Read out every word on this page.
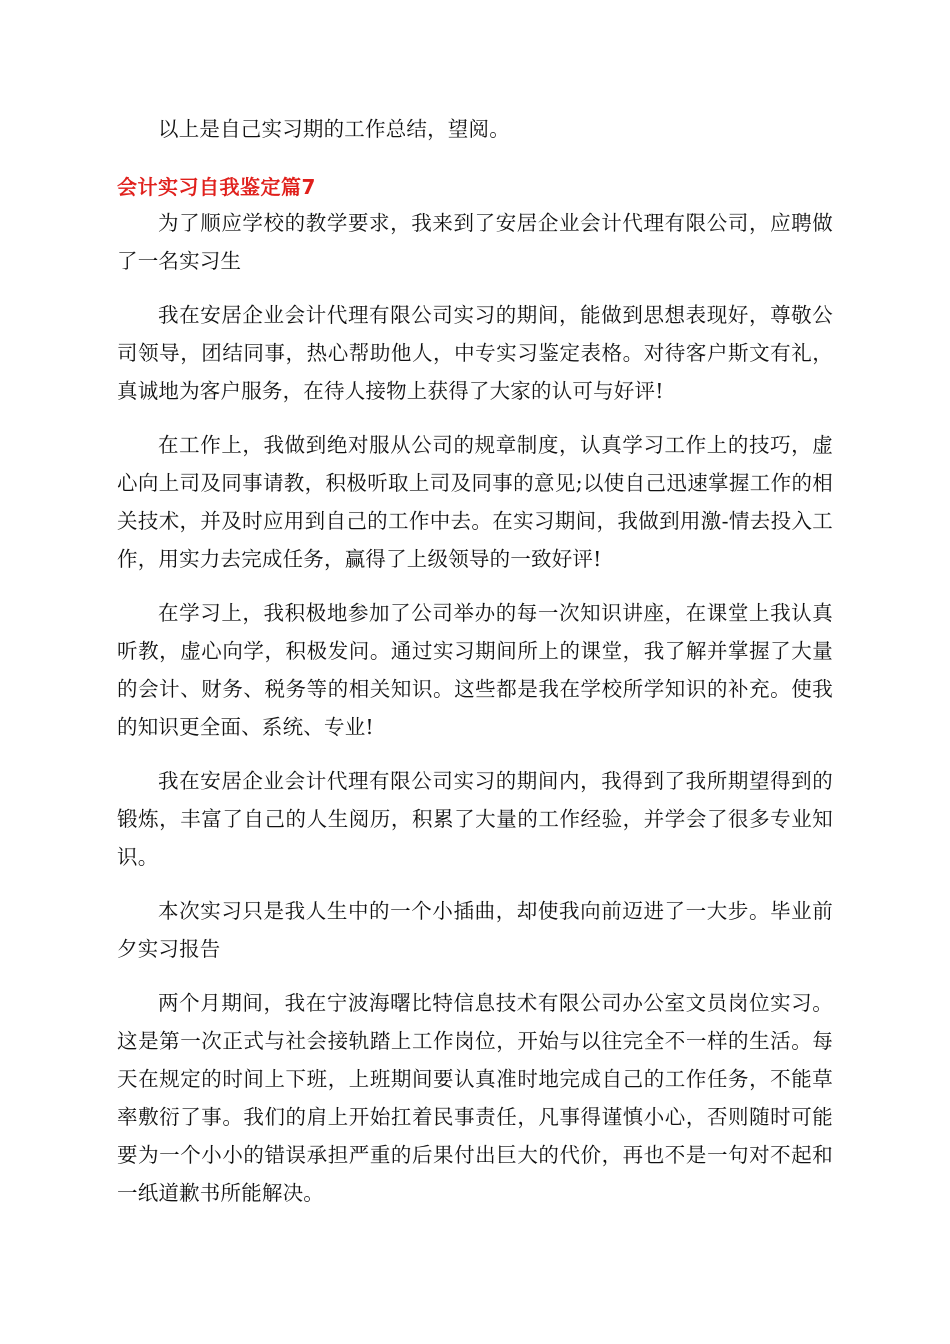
以上是自己实习期的工作总结，望阅。

会计实习自我鉴定篇7

为了顺应学校的教学要求，我来到了安居企业会计代理有限公司，应聘做了一名实习生

我在安居企业会计代理有限公司实习的期间，能做到思想表现好，尊敬公司领导，团结同事，热心帮助他人，中专实习鉴定表格。对待客户斯文有礼，真诚地为客户服务，在待人接物上获得了大家的认可与好评!

在工作上，我做到绝对服从公司的规章制度，认真学习工作上的技巧，虚心向上司及同事请教，积极听取上司及同事的意见;以使自己迅速掌握工作的相关技术，并及时应用到自己的工作中去。在实习期间，我做到用激-情去投入工作，用实力去完成任务，赢得了上级领导的一致好评!

在学习上，我积极地参加了公司举办的每一次知识讲座，在课堂上我认真听教，虚心向学，积极发问。通过实习期间所上的课堂，我了解并掌握了大量的会计、财务、税务等的相关知识。这些都是我在学校所学知识的补充。使我的知识更全面、系统、专业!

我在安居企业会计代理有限公司实习的期间内，我得到了我所期望得到的锻炼，丰富了自己的人生阅历，积累了大量的工作经验，并学会了很多专业知识。

本次实习只是我人生中的一个小插曲，却使我向前迈进了一大步。毕业前夕实习报告

两个月期间，我在宁波海曙比特信息技术有限公司办公室文员岗位实习。这是第一次正式与社会接轨踏上工作岗位，开始与以往完全不一样的生活。每天在规定的时间上下班，上班期间要认真准时地完成自己的工作任务，不能草率敷衍了事。我们的肩上开始扛着民事责任，凡事得谨慎小心，否则随时可能要为一个小小的错误承担严重的后果付出巨大的代价，再也不是一句对不起和一纸道歉书所能解决。
